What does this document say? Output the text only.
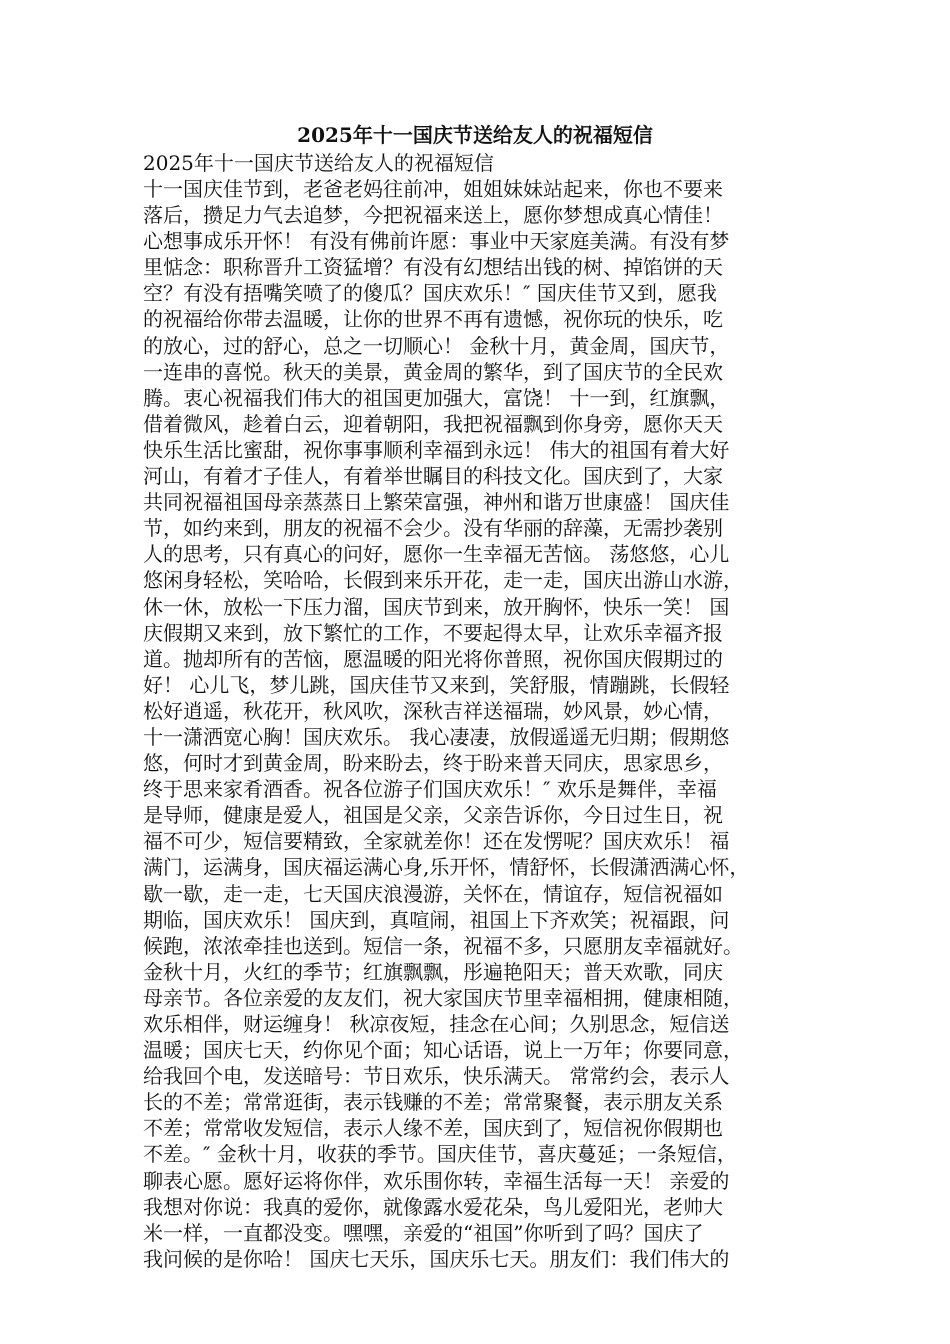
2025年十一国庆节送给友人的祝福短信

2025年十一国庆节送给友人的祝福短信

十一国庆佳节到，老爸老妈往前冲，姐姐妹妹站起来，你也不要来
落后，攒足力气去追梦，今把祝福来送上，愿你梦想成真心情佳！
心想事成乐开怀！ 有没有佛前许愿：事业中天家庭美满。有没有梦
里惦念：职称晋升工资猛增？有没有幻想结出钱的树、掉馅饼的天
空？有没有捂嘴笑喷了的傻瓜？国庆欢乐！″ 国庆佳节又到，愿我
的祝福给你带去温暖，让你的世界不再有遗憾，祝你玩的快乐，吃
的放心，过的舒心，总之一切顺心！ 金秋十月，黄金周，国庆节，
一连串的喜悦。秋天的美景，黄金周的繁华，到了国庆节的全民欢
腾。衷心祝福我们伟大的祖国更加强大，富饶！ 十一到，红旗飘，
借着微风，趁着白云，迎着朝阳，我把祝福飘到你身旁，愿你天天
快乐生活比蜜甜，祝你事事顺利幸福到永远！ 伟大的祖国有着大好
河山，有着才子佳人，有着举世瞩目的科技文化。国庆到了，大家
共同祝福祖国母亲蒸蒸日上繁荣富强，神州和谐万世康盛！ 国庆佳
节，如约来到，朋友的祝福不会少。没有华丽的辞藻，无需抄袭别
人的思考，只有真心的问好，愿你一生幸福无苦恼。 荡悠悠，心儿
悠闲身轻松，笑哈哈，长假到来乐开花，走一走，国庆出游山水游，
休一休，放松一下压力溜，国庆节到来，放开胸怀，快乐一笑！ 国
庆假期又来到，放下繁忙的工作，不要起得太早，让欢乐幸福齐报
道。抛却所有的苦恼，愿温暖的阳光将你普照，祝你国庆假期过的
好！ 心儿飞，梦儿跳，国庆佳节又来到，笑舒服，情蹦跳，长假轻
松好逍遥，秋花开，秋风吹，深秋吉祥送福瑞，妙风景，妙心情，
十一潇洒宽心胸！国庆欢乐。 我心凄凄，放假遥遥无归期；假期悠
悠，何时才到黄金周，盼来盼去，终于盼来普天同庆，思家思乡，
终于思来家肴酒香。祝各位游子们国庆欢乐！″ 欢乐是舞伴，幸福
是导师，健康是爱人，祖国是父亲，父亲告诉你，今日过生日，祝
福不可少，短信要精致，全家就差你！还在发愣呢？国庆欢乐！ 福
满门，运满身，国庆福运满心身,乐开怀，情舒怀，长假潇洒满心怀，
歇一歇，走一走，七天国庆浪漫游，关怀在，情谊存，短信祝福如
期临，国庆欢乐！ 国庆到，真喧闹，祖国上下齐欢笑；祝福跟，问
候跑，浓浓牵挂也送到。短信一条，祝福不多，只愿朋友幸福就好。
金秋十月，火红的季节；红旗飘飘，彤遍艳阳天；普天欢歌，同庆
母亲节。各位亲爱的友友们，祝大家国庆节里幸福相拥，健康相随，
欢乐相伴，财运缠身！ 秋凉夜短，挂念在心间；久别思念，短信送
温暖；国庆七天，约你见个面；知心话语，说上一万年；你要同意，
给我回个电，发送暗号：节日欢乐，快乐满天。 常常约会，表示人
长的不差；常常逛街，表示钱赚的不差；常常聚餐，表示朋友关系
不差；常常收发短信，表示人缘不差，国庆到了，短信祝你假期也
不差。″ 金秋十月，收获的季节。国庆佳节，喜庆蔓延；一条短信，
聊表心愿。愿好运将你伴，欢乐围你转，幸福生活每一天！ 亲爱的
我想对你说：我真的爱你，就像露水爱花朵，鸟儿爱阳光，老帅大
米一样，一直都没变。嘿嘿，亲爱的“祖国”你听到了吗？国庆了
我问候的是你哈！ 国庆七天乐，国庆乐七天。朋友们：我们伟大的
